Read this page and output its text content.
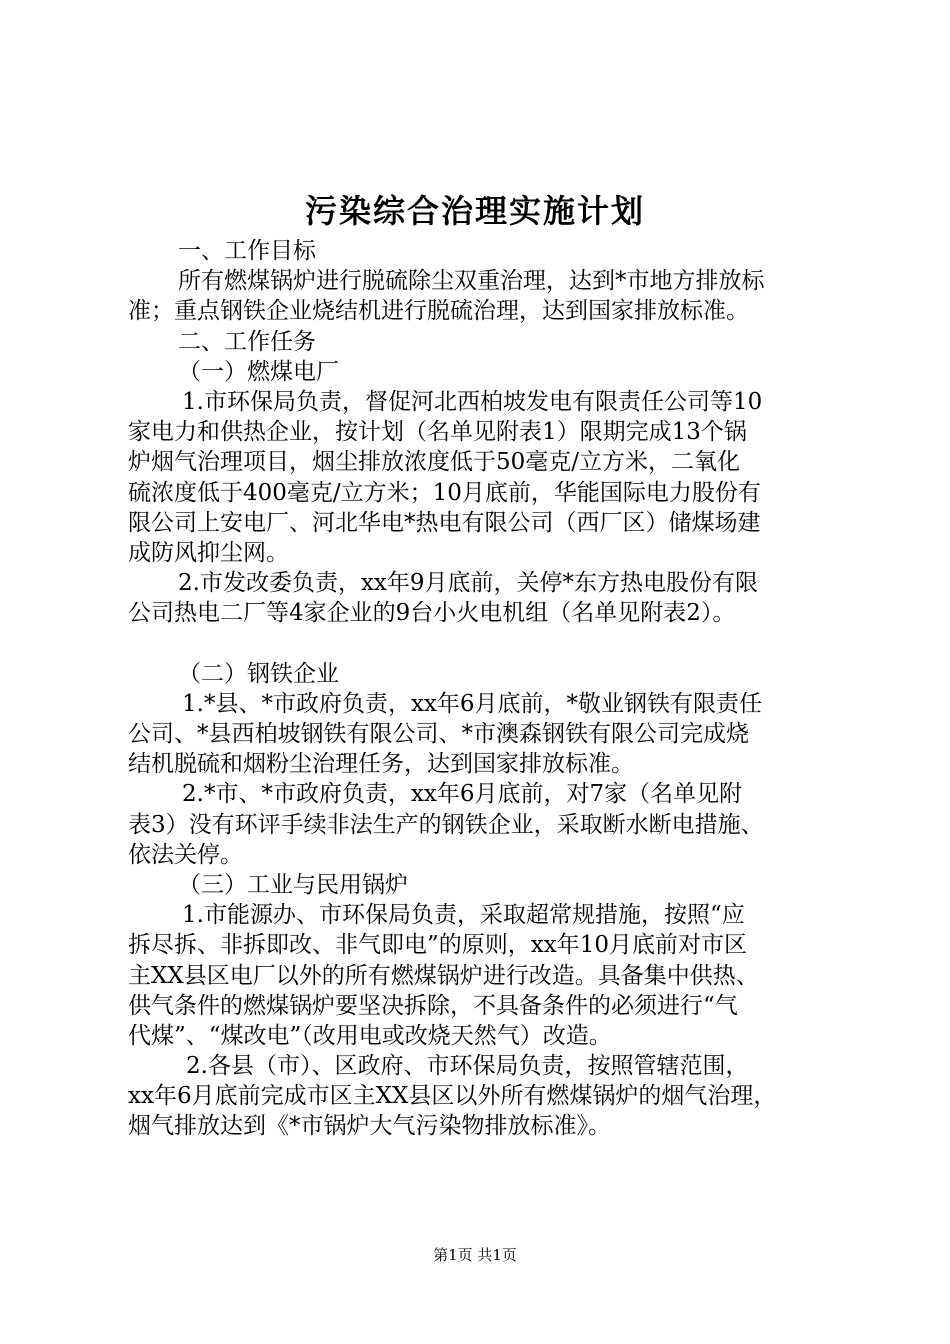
污染综合治理实施计划
一、工作目标
所有燃煤锅炉进行脱硫除尘双重治理，达到*市地方排放标
准；重点钢铁企业烧结机进行脱硫治理，达到国家排放标准。
二、工作任务
（一）燃煤电厂
1.市环保局负责，督促河北西柏坡发电有限责任公司等10
家电力和供热企业，按计划（名单见附表1）限期完成13个锅
炉烟气治理项目，烟尘排放浓度低于50毫克/立方米，二氧化
硫浓度低于400毫克/立方米；10月底前，华能国际电力股份有
限公司上安电厂、河北华电*热电有限公司（西厂区）储煤场建
成防风抑尘网。
2.市发改委负责，xx年9月底前，关停*东方热电股份有限
公司热电二厂等4家企业的9台小火电机组（名单见附表2）。
（二）钢铁企业
1.*县、*市政府负责，xx年6月底前，*敬业钢铁有限责任
公司、*县西柏坡钢铁有限公司、*市澳森钢铁有限公司完成烧
结机脱硫和烟粉尘治理任务，达到国家排放标准。
2.*市、*市政府负责，xx年6月底前，对7家（名单见附
表3）没有环评手续非法生产的钢铁企业，采取断水断电措施、
依法关停。
（三）工业与民用锅炉
1.市能源办、市环保局负责，采取超常规措施，按照“应
拆尽拆、非拆即改、非气即电”的原则，xx年10月底前对市区
主XX县区电厂以外的所有燃煤锅炉进行改造。具备集中供热、
供气条件的燃煤锅炉要坚决拆除，不具备条件的必须进行“气
代煤”、“煤改电”（改用电或改烧天然气）改造。
2.各县（市）、区政府、市环保局负责，按照管辖范围，
xx年6月底前完成市区主XX县区以外所有燃煤锅炉的烟气治理，
烟气排放达到《*市锅炉大气污染物排放标准》。
第1页 共1页
